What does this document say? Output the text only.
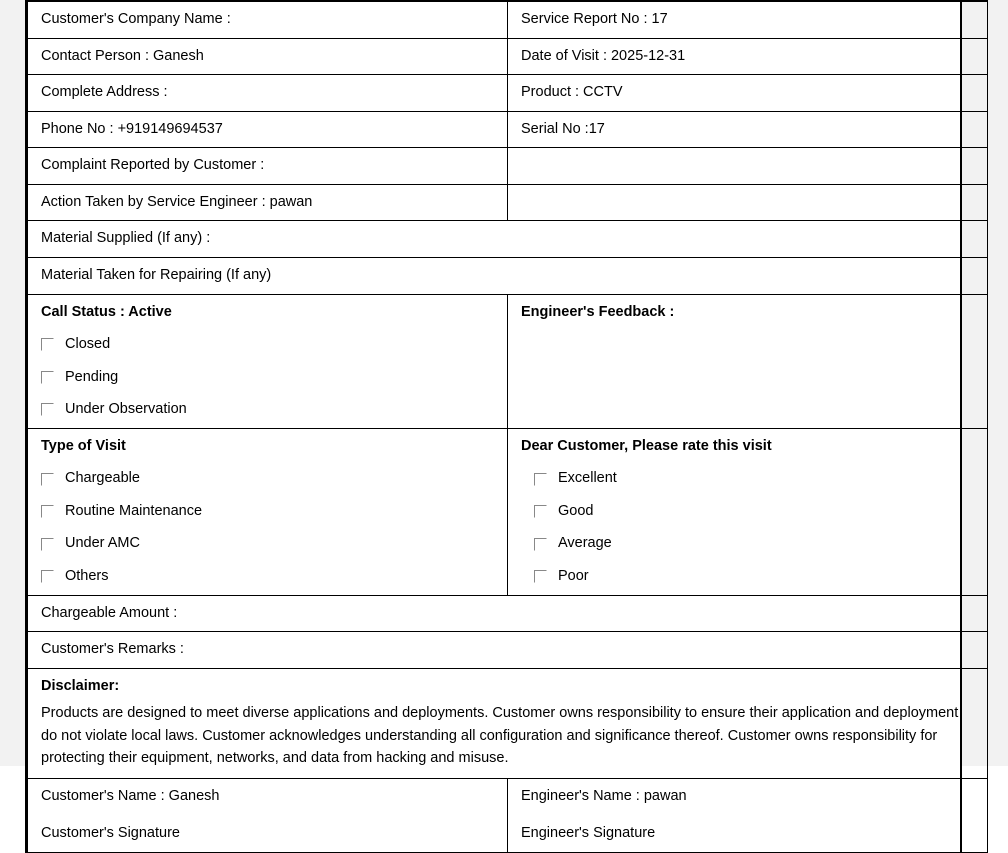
Customer's Company Name :	Service Report No : 17
Contact Person : Ganesh	Date of Visit : 2025-12-31
Complete Address :	Product : CCTV
Phone No : +919149694537	Serial No :17
Complaint Reported by Customer :	
Action Taken by Service Engineer : pawan	
Material Supplied (If any) :	
Material Taken for Repairing (If any)	

Call Status : Active
Closed
Pending
Under Observation	Engineer's Feedback :

Type of Visit
Chargeable
Routine Maintenance
Under AMC
Others

Dear Customer, Please rate this visit
Excellent
Good
Average
Poor

Chargeable Amount :	
Customer's Remarks :	

Disclaimer:
Products are designed to meet diverse applications and deployments. Customer owns responsibility to ensure their application and deployment do not violate local laws. Customer acknowledges understanding all configuration and significance thereof. Customer owns responsibility for protecting their equipment, networks, and data from hacking and misuse.	

Customer's Name : Ganesh
Customer's Signature

Engineer's Name : pawan
Engineer's Signature
